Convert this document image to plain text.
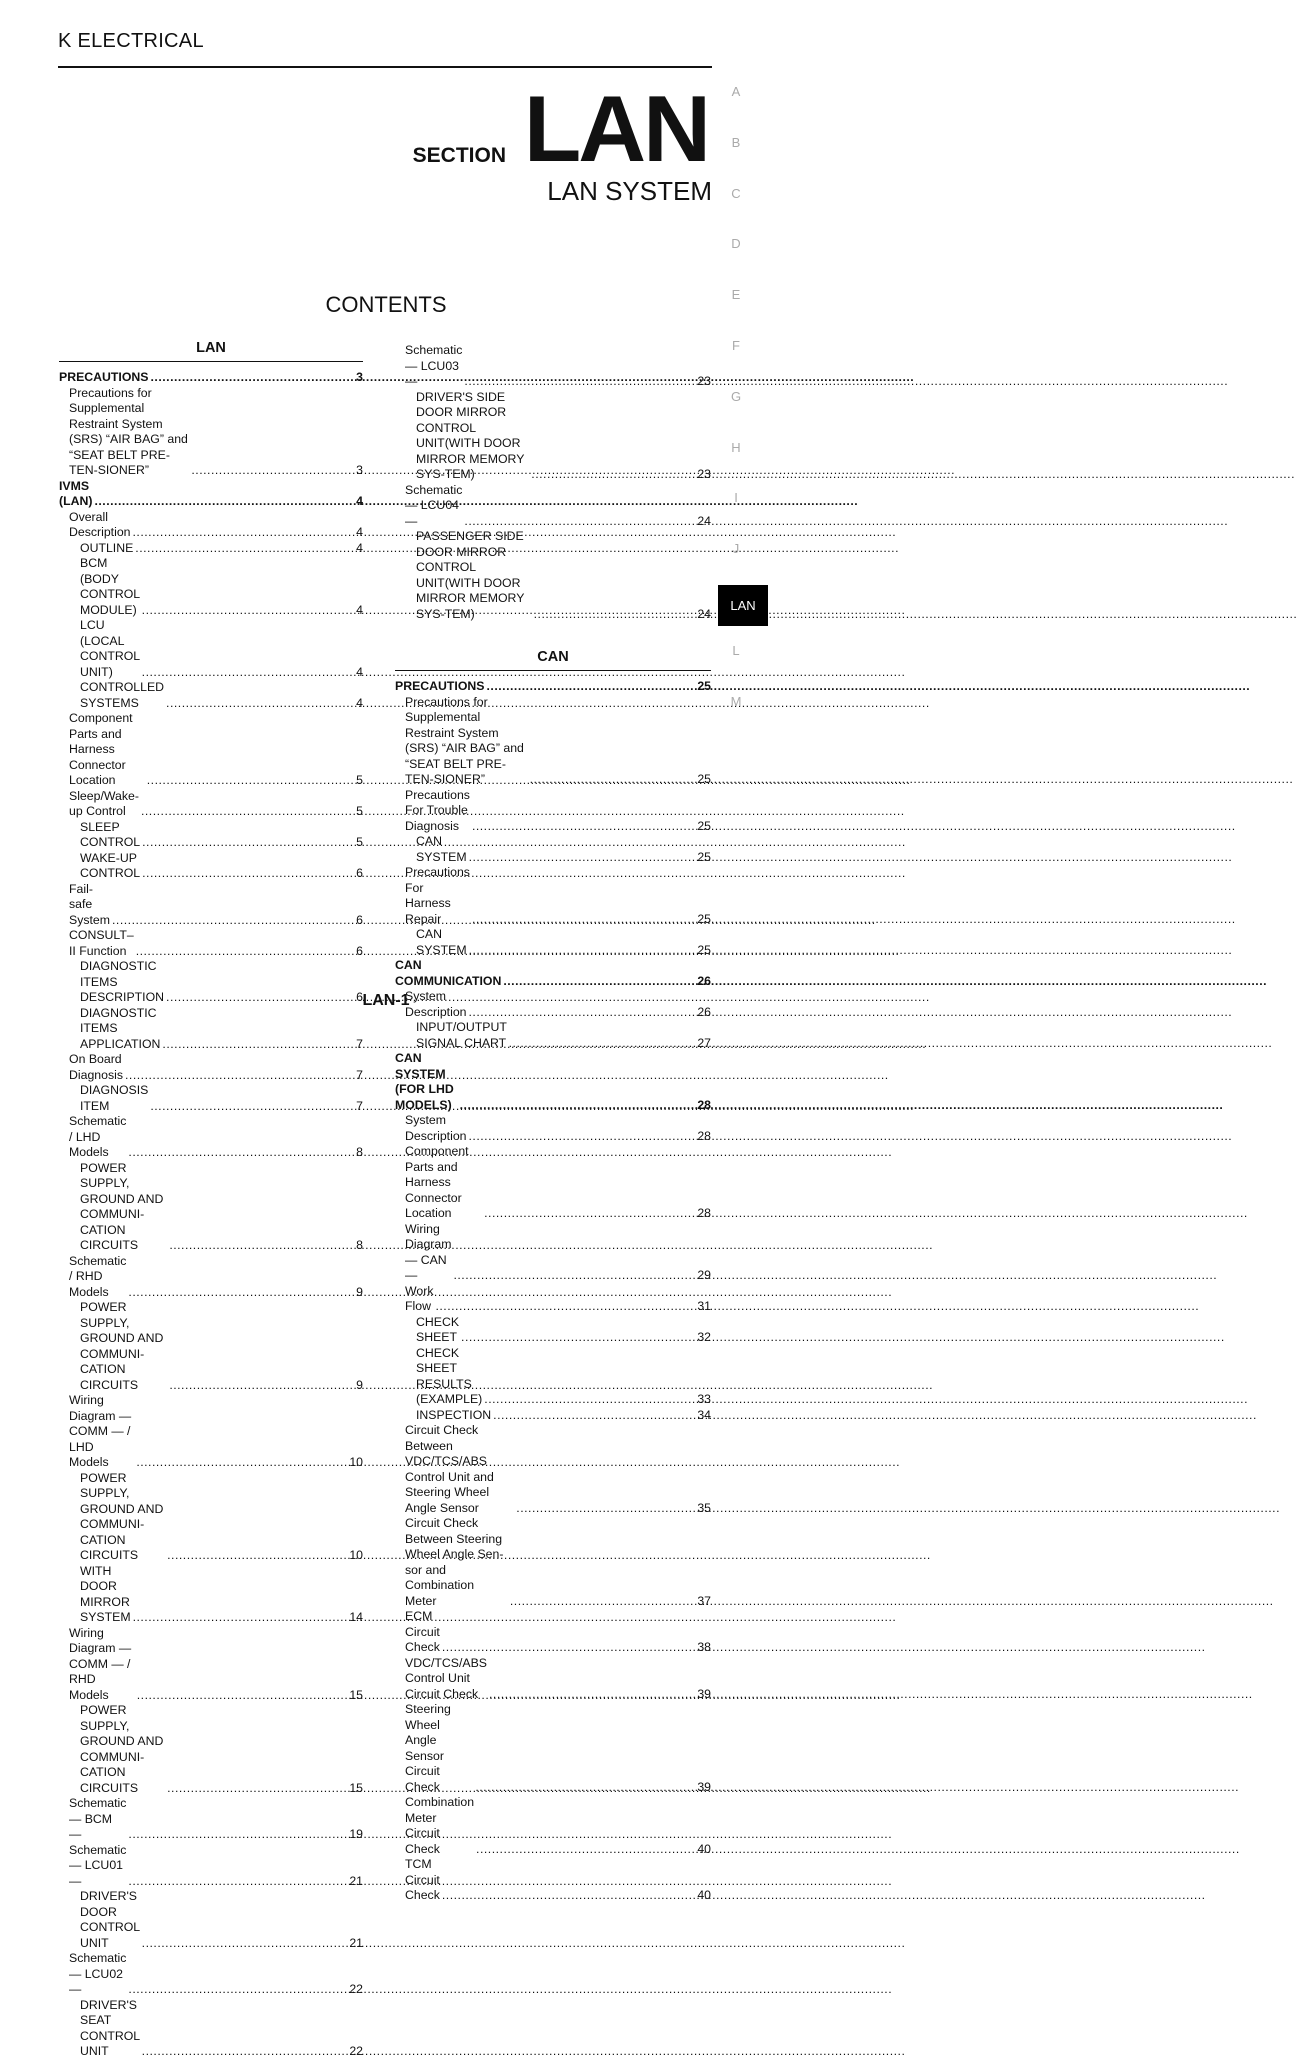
K ELECTRICAL
SECTION LAN
LAN SYSTEM
CONTENTS
LAN
PRECAUTIONS .....	3
Precautions for Supplemental Restraint System (SRS) “AIR BAG” and “SEAT BELT PRE-TEN-SIONER” .....	3
IVMS (LAN) .....	4
Overall Description .....	4
OUTLINE .....	4
BCM (BODY CONTROL MODULE) .....	4
LCU (LOCAL CONTROL UNIT) .....	4
CONTROLLED SYSTEMS .....	4
Component Parts and Harness Connector Location .....	5
Sleep/Wake-up Control .....	5
SLEEP CONTROL .....	5
WAKE-UP CONTROL .....	6
Fail-safe System .....	6
CONSULT–II Function .....	6
DIAGNOSTIC ITEMS DESCRIPTION .....	6
DIAGNOSTIC ITEMS APPLICATION .....	7
On Board Diagnosis .....	7
DIAGNOSIS ITEM .....	7
Schematic / LHD Models .....	8
POWER SUPPLY, GROUND AND COMMUNI-CATION CIRCUITS .....	8
Schematic / RHD Models .....	9
POWER SUPPLY, GROUND AND COMMUNI-CATION CIRCUITS .....	9
Wiring Diagram — COMM — / LHD Models .....	10
POWER SUPPLY, GROUND AND COMMUNI-CATION CIRCUITS .....	10
WITH DOOR MIRROR SYSTEM .....	14
Wiring Diagram — COMM — / RHD Models .....	15
POWER SUPPLY, GROUND AND COMMUNI-CATION CIRCUITS .....	15
Schematic — BCM — .....	19
Schematic — LCU01 — .....	21
DRIVER'S DOOR CONTROL UNIT .....	21
Schematic — LCU02 — .....	22
DRIVER'S SEAT CONTROL UNIT .....	22
Schematic — LCU03 — .....	23
DRIVER'S SIDE DOOR MIRROR CONTROL UNIT(WITH DOOR MIRROR MEMORY SYS-TEM) .....	23
Schematic — LCU04 — .....	24
PASSENGER SIDE DOOR MIRROR CONTROL UNIT(WITH DOOR MIRROR MEMORY SYS-TEM) .....	24
CAN
PRECAUTIONS .....	25
Precautions for Supplemental Restraint System (SRS) “AIR BAG” and “SEAT BELT PRE-TEN-SIONER” .....	25
Precautions For Trouble Diagnosis .....	25
CAN SYSTEM .....	25
Precautions For Harness Repair .....	25
CAN SYSTEM .....	25
CAN COMMUNICATION .....	26
System Description .....	26
INPUT/OUTPUT SIGNAL CHART .....	27
CAN SYSTEM (FOR LHD MODELS) .....	28
System Description .....	28
Component Parts and Harness Connector Location .....	28
Wiring Diagram — CAN — .....	29
Work Flow .....	31
CHECK SHEET .....	32
CHECK SHEET RESULTS (EXAMPLE) .....	33
INSPECTION .....	34
Circuit Check Between VDC/TCS/ABS Control Unit and Steering Wheel Angle Sensor .....	35
Circuit Check Between Steering Wheel Angle Sen-sor and Combination Meter .....	37
ECM Circuit Check .....	38
VDC/TCS/ABS Control Unit Circuit Check .....	39
Steering Wheel Angle Sensor Circuit Check .....	39
Combination Meter Circuit Check .....	40
TCM Circuit Check .....	40
A
B
C
D
E
F
G
H
I
J
L
M
LAN
LAN-1
